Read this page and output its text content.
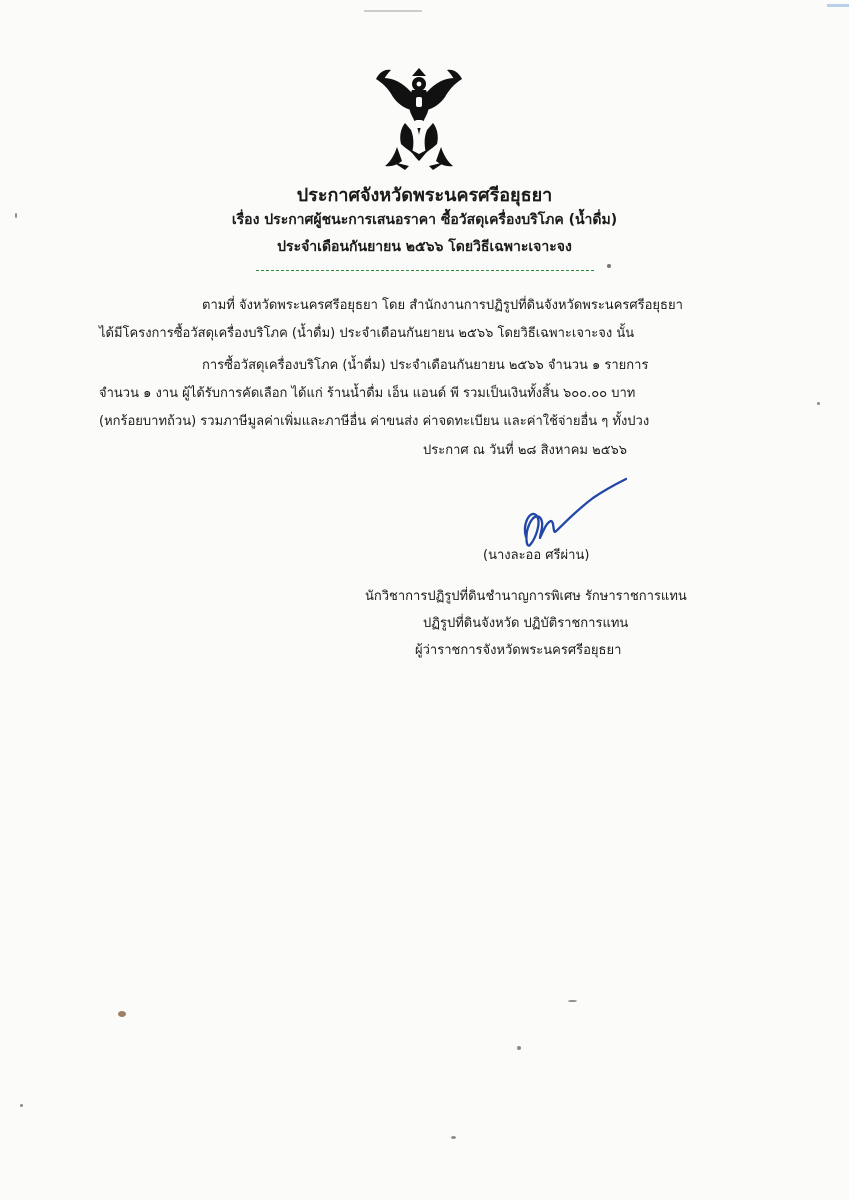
ประกาศจังหวัดพระนครศรีอยุธยา
เรื่อง ประกาศผู้ชนะการเสนอราคา ซื้อวัสดุเครื่องบริโภค (น้ำดื่ม)
ประจำเดือนกันยายน ๒๕๖๖ โดยวิธีเฉพาะเจาะจง
ตามที่ จังหวัดพระนครศรีอยุธยา โดย สำนักงานการปฏิรูปที่ดินจังหวัดพระนครศรีอยุธยา
ได้มีโครงการซื้อวัสดุเครื่องบริโภค (น้ำดื่ม) ประจำเดือนกันยายน ๒๕๖๖ โดยวิธีเฉพาะเจาะจง นั้น
การซื้อวัสดุเครื่องบริโภค (น้ำดื่ม) ประจำเดือนกันยายน ๒๕๖๖ จำนวน ๑ รายการ
จำนวน ๑ งาน ผู้ได้รับการคัดเลือก ได้แก่ ร้านน้ำดื่ม เอ็น แอนด์ พี รวมเป็นเงินทั้งสิ้น ๖๐๐.๐๐ บาท
(หกร้อยบาทถ้วน) รวมภาษีมูลค่าเพิ่มและภาษีอื่น ค่าขนส่ง ค่าจดทะเบียน และค่าใช้จ่ายอื่น ๆ ทั้งปวง
ประกาศ ณ วันที่ ๒๘ สิงหาคม ๒๕๖๖
(นางละออ ศรีผ่าน)
นักวิชาการปฏิรูปที่ดินชำนาญการพิเศษ รักษาราชการแทน
ปฏิรูปที่ดินจังหวัด ปฏิบัติราชการแทน
ผู้ว่าราชการจังหวัดพระนครศรีอยุธยา
